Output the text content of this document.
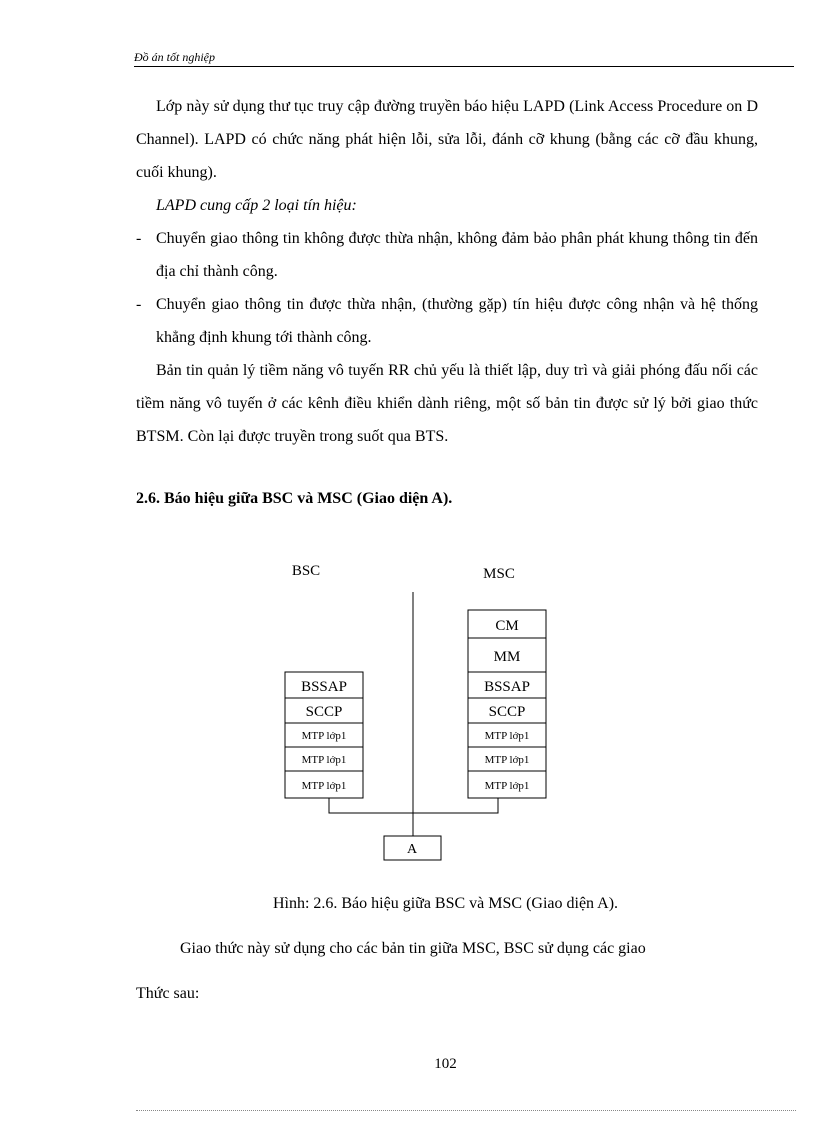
Đồ án tốt nghiệp
Lớp này sử dụng thư tục truy cập đường truyền báo hiệu LAPD (Link Access Procedure on D Channel). LAPD có chức năng phát hiện lỗi, sửa lỗi, đánh cỡ khung (bằng các cỡ đầu khung, cuối khung).
LAPD cung cấp 2 loại tín hiệu:
- Chuyển giao thông tin không được thừa nhận, không đảm bảo phân phát khung thông tin đến địa chỉ thành công.
- Chuyển giao thông tin được thừa nhận, (thường gặp) tín hiệu được công nhận và hệ thống khẳng định khung tới thành công.
Bản tin quản lý tiềm năng vô tuyến RR chủ yếu là thiết lập, duy trì và giải phóng đấu nối các tiềm năng vô tuyến ở các kênh điều khiển dành riêng, một số bản tin được sử lý bởi giao thức BTSM. Còn lại được truyền trong suốt qua BTS.
2.6. Báo hiệu giữa BSC và MSC (Giao diện A).
BSC	MSC
BSSAP
SCCP
MTP lớp1
MTP lớp1
MTP lớp1
CM
MM
BSSAP
SCCP
MTP lớp1
MTP lớp1
MTP lớp1
A
Hình: 2.6. Báo hiệu giữa BSC và MSC (Giao diện A).
Giao thức này sử dụng cho các bản tin giữa MSC, BSC sử dụng các giao
Thức sau:
102
